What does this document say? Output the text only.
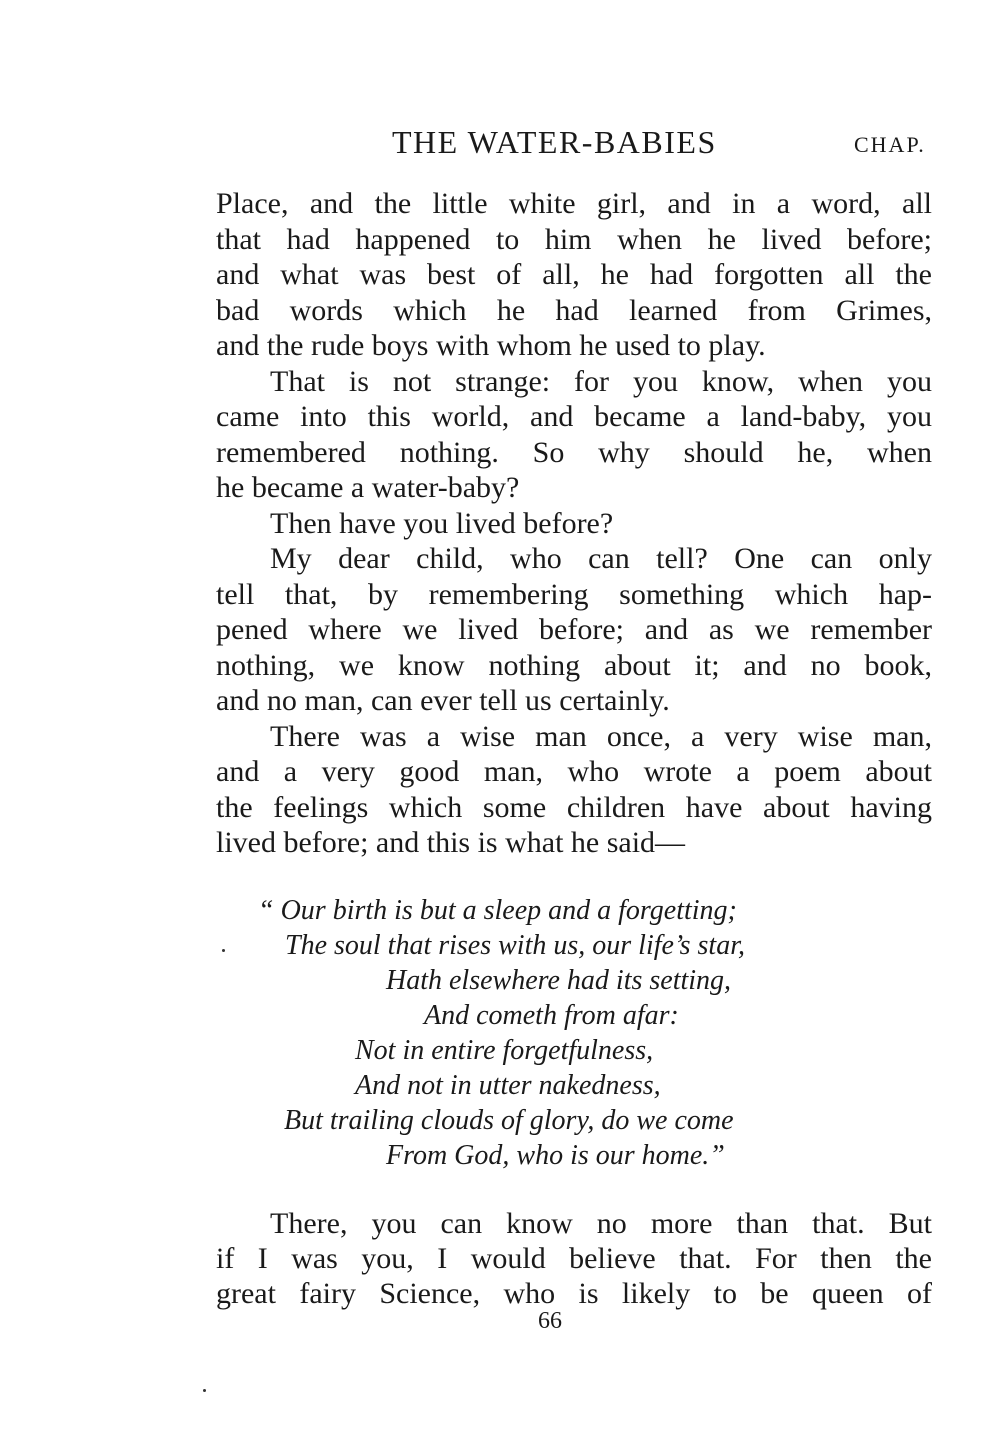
THE WATER-BABIES	CHAP.
Place, and the little white girl, and in a word, all
that had happened to him when he lived before;
and what was best of all, he had forgotten all the
bad words which he had learned from Grimes,
and the rude boys with whom he used to play.
That is not strange: for you know, when you
came into this world, and became a land-baby, you
remembered nothing. So why should he, when
he became a water-baby?
Then have you lived before?
My dear child, who can tell? One can only
tell that, by remembering something which hap-
pened where we lived before; and as we remember
nothing, we know nothing about it; and no book,
and no man, can ever tell us certainly.
There was a wise man once, a very wise man,
and a very good man, who wrote a poem about
the feelings which some children have about having
lived before; and this is what he said—
“ Our birth is but a sleep and a forgetting;
The soul that rises with us, our life’s star,
Hath elsewhere had its setting,
And cometh from afar:
Not in entire forgetfulness,
And not in utter nakedness,
But trailing clouds of glory, do we come
From God, who is our home.”
There, you can know no more than that. But
if I was you, I would believe that. For then the
great fairy Science, who is likely to be queen of
66
